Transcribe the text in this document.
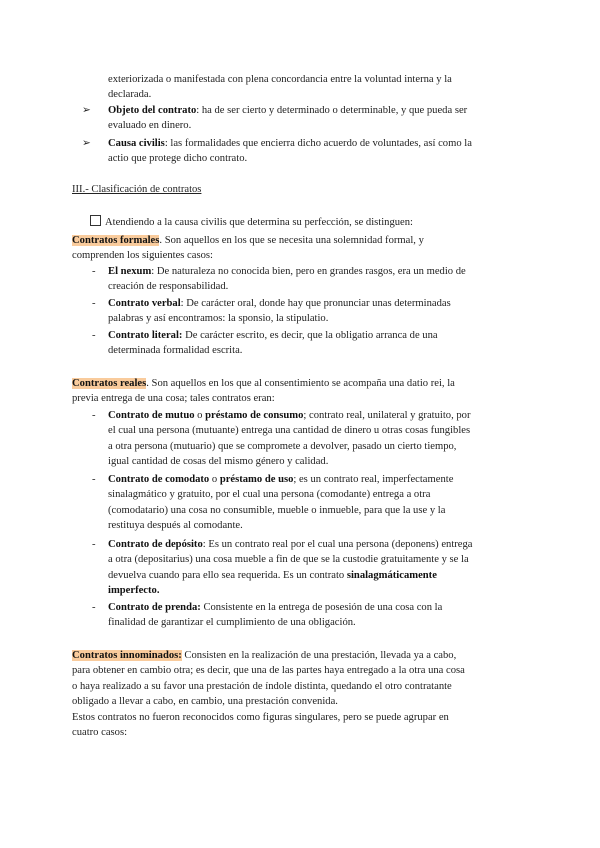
exteriorizada o manifestada con plena concordancia entre la voluntad interna y la
declarada.
➢	Objeto del contrato: ha de ser cierto y determinado o determinable, y que pueda ser
evaluado en dinero.
➢	Causa civilis: las formalidades que encierra dicho acuerdo de voluntades, así como la
actio que protege dicho contrato.
III.- Clasificación de contratos
Atendiendo a la causa civilis que determina su perfección, se distinguen:
Contratos formales. Son aquellos en los que se necesita una solemnidad formal, y
comprenden los siguientes casos:
- El nexum: De naturaleza no conocida bien, pero en grandes rasgos, era un medio de
creación de responsabilidad.
- Contrato verbal: De carácter oral, donde hay que pronunciar unas determinadas
palabras y así encontramos: la sponsio, la stipulatio.
- Contrato literal: De carácter escrito, es decir, que la obligatio arranca de una
determinada formalidad escrita.
Contratos reales. Son aquellos en los que al consentimiento se acompaña una datio rei, la
previa entrega de una cosa; tales contratos eran:
- Contrato de mutuo o préstamo de consumo; contrato real, unilateral y gratuito, por
el cual una persona (mutuante) entrega una cantidad de dinero u otras cosas fungibles
a otra persona (mutuario) que se compromete a devolver, pasado un cierto tiempo,
igual cantidad de cosas del mismo género y calidad.
- Contrato de comodato o préstamo de uso; es un contrato real, imperfectamente
sinalagmático y gratuito, por el cual una persona (comodante) entrega a otra
(comodatario) una cosa no consumible, mueble o inmueble, para que la use y la
restituya después al comodante.
- Contrato de depósito: Es un contrato real por el cual una persona (deponens) entrega
a otra (depositarius) una cosa mueble a fin de que se la custodie gratuitamente y se la
devuelva cuando para ello sea requerida. Es un contrato sinalagmáticamente
imperfecto.
- Contrato de prenda: Consistente en la entrega de posesión de una cosa con la
finalidad de garantizar el cumplimiento de una obligación.
Contratos innominados: Consisten en la realización de una prestación, llevada ya a cabo,
para obtener en cambio otra; es decir, que una de las partes haya entregado a la otra una cosa
o haya realizado a su favor una prestación de índole distinta, quedando el otro contratante
obligado a llevar a cabo, en cambio, una prestación convenida.
Estos contratos no fueron reconocidos como figuras singulares, pero se puede agrupar en
cuatro casos:
